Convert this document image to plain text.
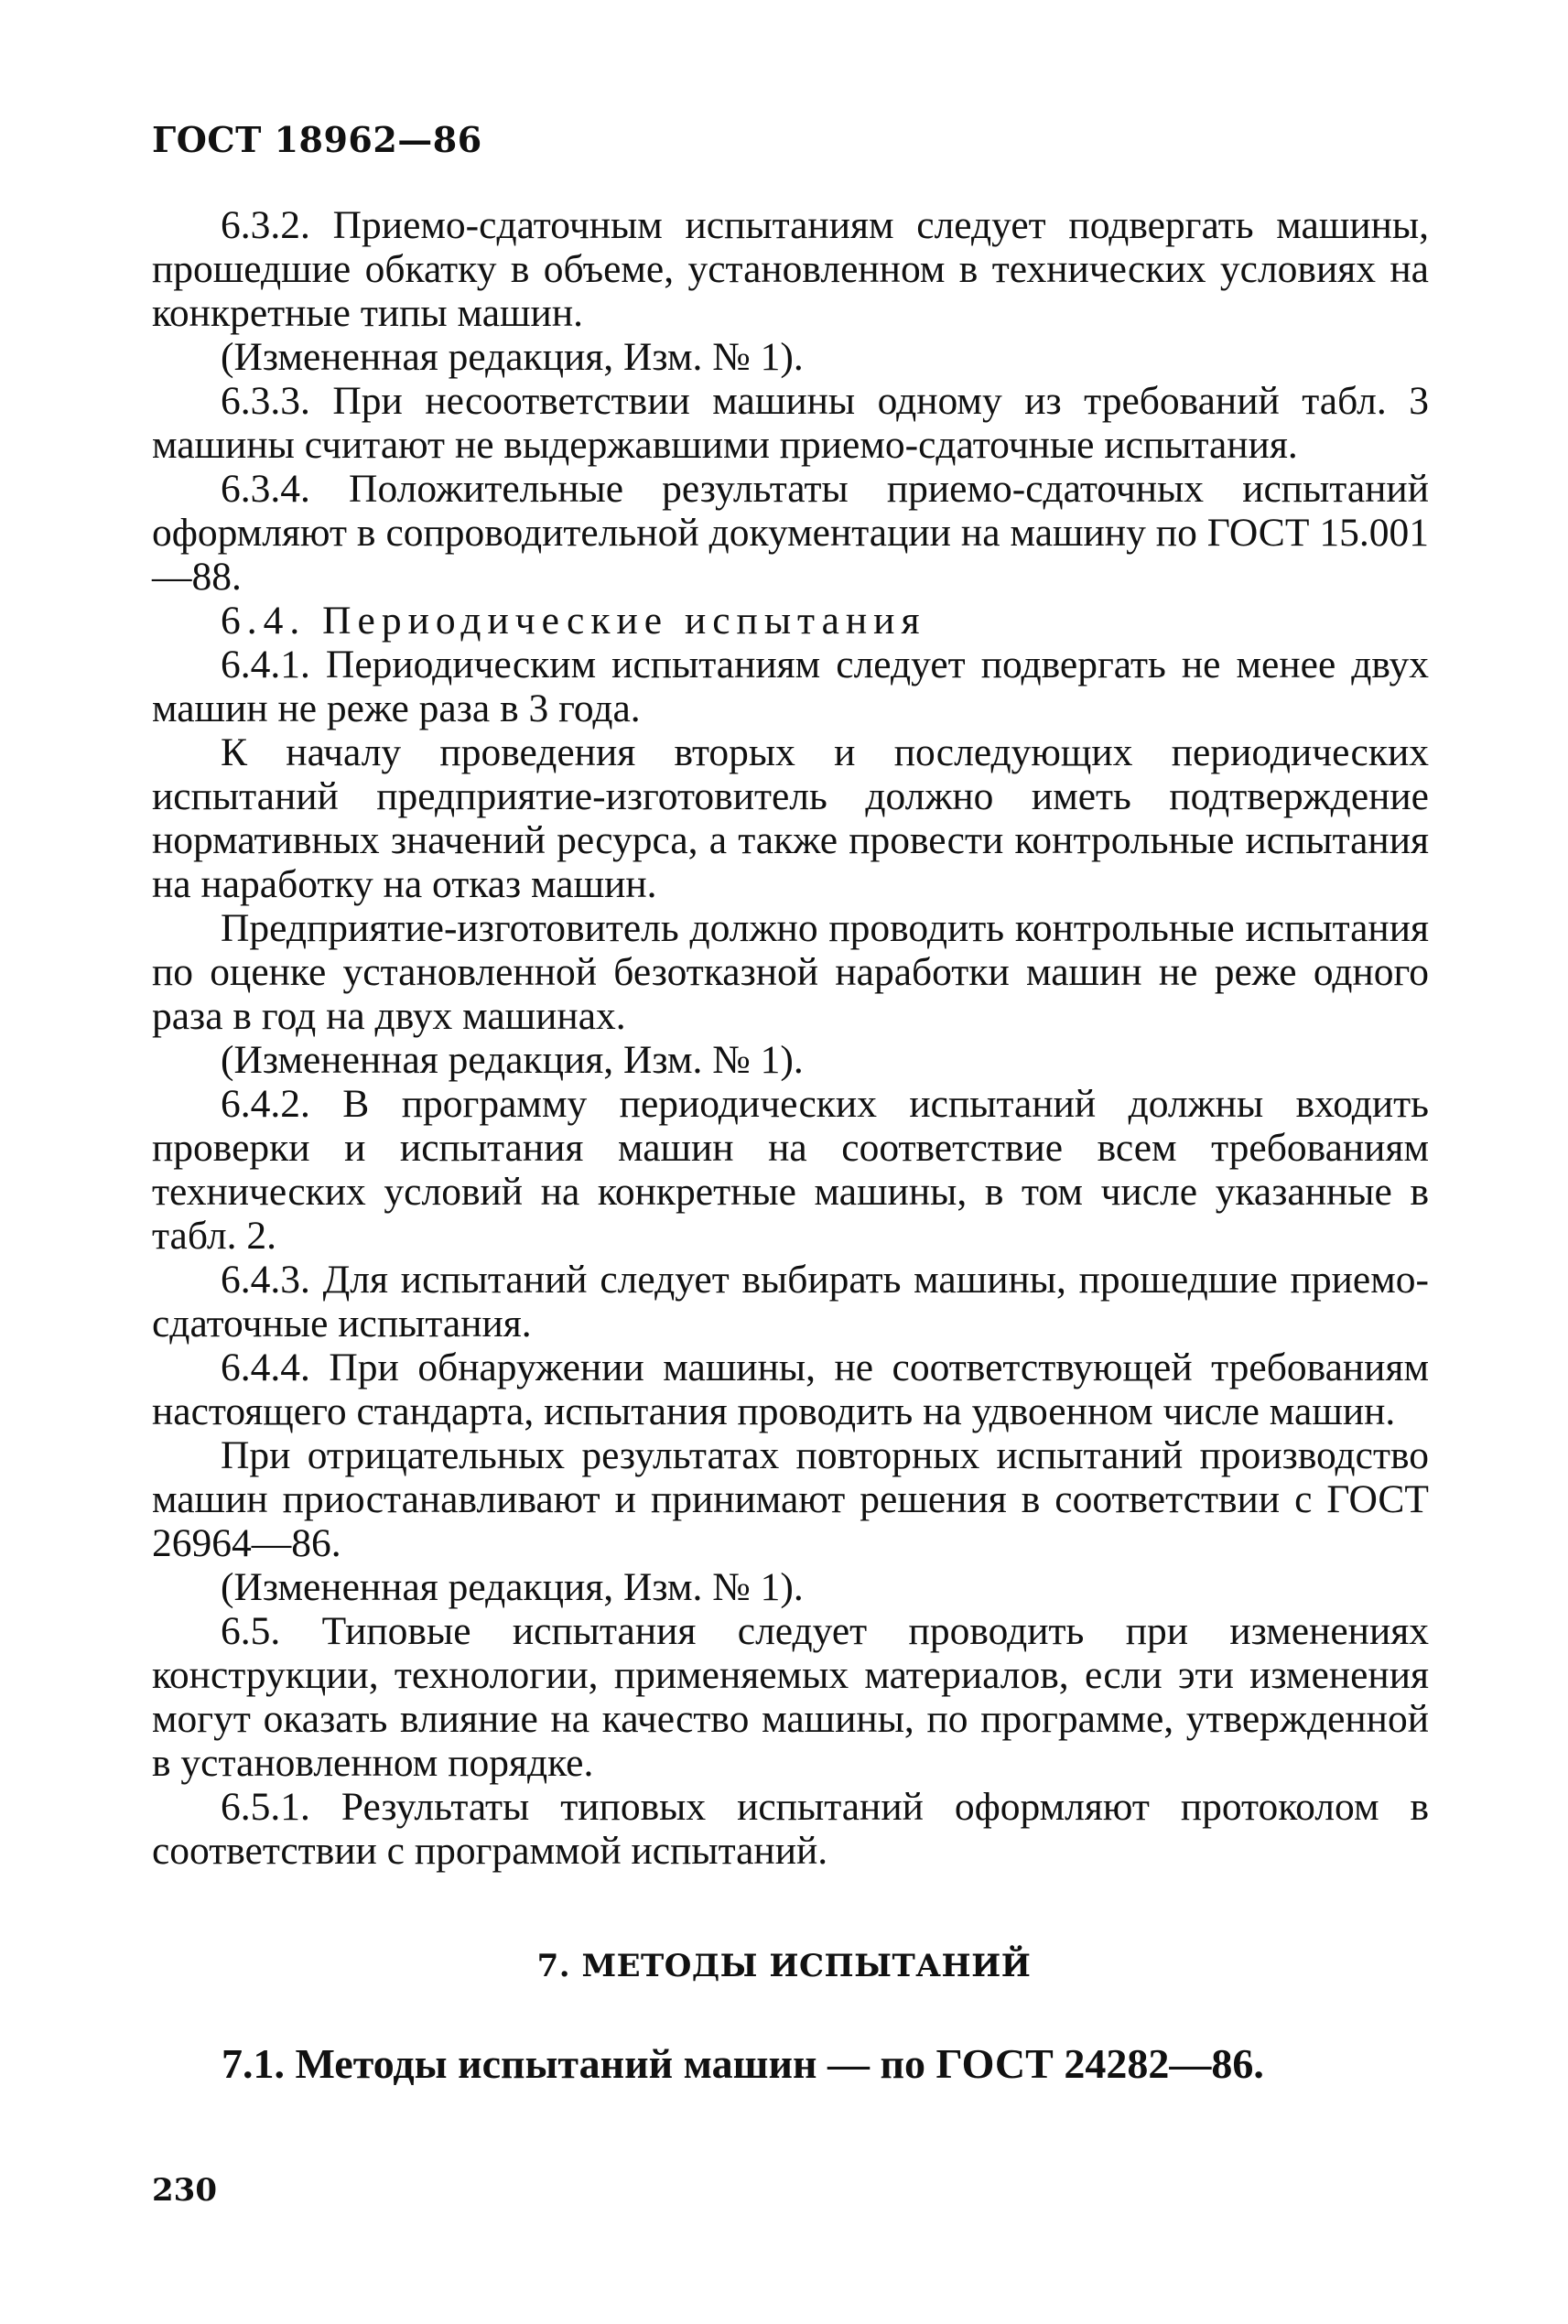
ГОСТ 18962—86

6.3.2. Приемо-сдаточным испытаниям следует подвергать машины, прошедшие обкатку в объеме, установленном в технических условиях на конкретные типы машин.

(Измененная редакция, Изм. № 1).

6.3.3. При несоответствии машины одному из требований табл. 3 машины считают не выдержавшими приемо-сдаточные испытания.

6.3.4. Положительные результаты приемо-сдаточных испытаний оформляют в сопроводительной документации на машину по ГОСТ 15.001—88.

6.4. Периодические испытания

6.4.1. Периодическим испытаниям следует подвергать не менее двух машин не реже раза в 3 года.

К началу проведения вторых и последующих периодических испытаний предприятие-изготовитель должно иметь подтверждение нормативных значений ресурса, а также провести контрольные испытания на наработку на отказ машин.

Предприятие-изготовитель должно проводить контрольные испытания по оценке установленной безотказной наработки машин не реже одного раза в год на двух машинах.

(Измененная редакция, Изм. № 1).

6.4.2. В программу периодических испытаний должны входить проверки и испытания машин на соответствие всем требованиям технических условий на конкретные машины, в том числе указанные в табл. 2.

6.4.3. Для испытаний следует выбирать машины, прошедшие приемо-сдаточные испытания.

6.4.4. При обнаружении машины, не соответствующей требованиям настоящего стандарта, испытания проводить на удвоенном числе машин.

При отрицательных результатах повторных испытаний производство машин приостанавливают и принимают решения в соответствии с ГОСТ 26964—86.

(Измененная редакция, Изм. № 1).

6.5. Типовые испытания следует проводить при изменениях конструкции, технологии, применяемых материалов, если эти изменения могут оказать влияние на качество машины, по программе, утвержденной в установленном порядке.

6.5.1. Результаты типовых испытаний оформляют протоколом в соответствии с программой испытаний.

7. МЕТОДЫ ИСПЫТАНИЙ
7.1. Методы испытаний машин — по ГОСТ 24282—86.
230
